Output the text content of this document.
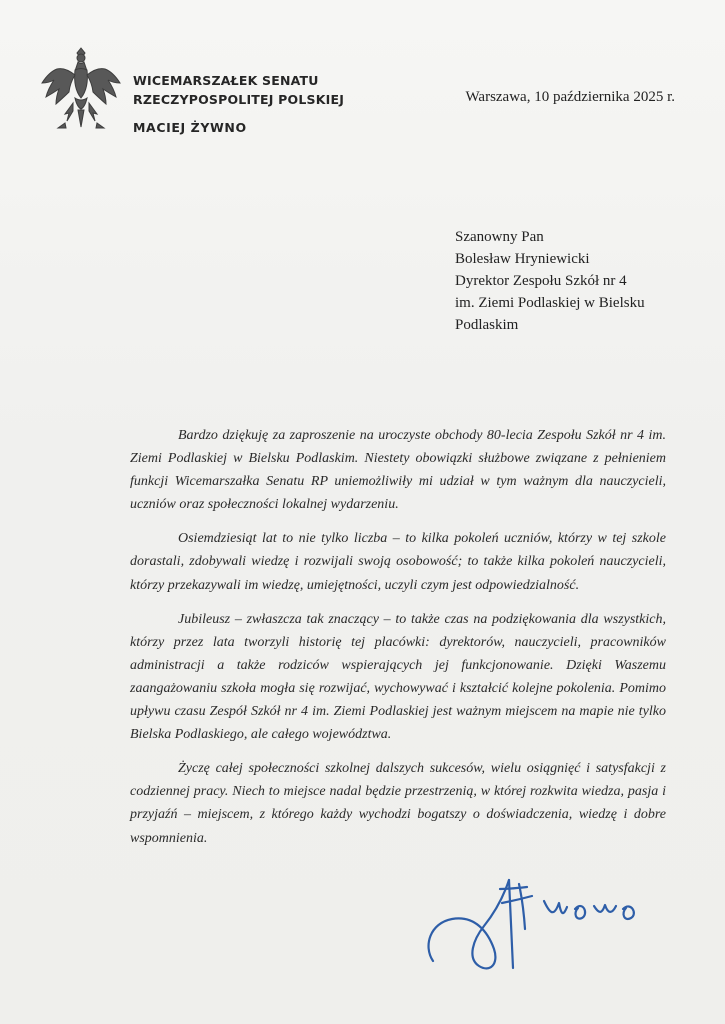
WICEMARSZAŁEK SENATU
RZECZYPOSPOLITEJ POLSKIEJ
MACIEJ ŻYWNO
Warszawa, 10 października 2025 r.
Szanowny Pan
Bolesław Hryniewicki
Dyrektor Zespołu Szkół nr 4
im. Ziemi Podlaskiej w Bielsku
Podlaskim

Bardzo dziękuję za zaproszenie na uroczyste obchody 80-lecia Zespołu Szkół nr 4 im. Ziemi Podlaskiej w Bielsku Podlaskim. Niestety obowiązki służbowe związane z pełnieniem funkcji Wicemarszałka Senatu RP uniemożliwiły mi udział w tym ważnym dla nauczycieli, uczniów oraz społeczności lokalnej wydarzeniu.

Osiemdziesiąt lat to nie tylko liczba – to kilka pokoleń uczniów, którzy w tej szkole dorastali, zdobywali wiedzę i rozwijali swoją osobowość; to także kilka pokoleń nauczycieli, którzy przekazywali im wiedzę, umiejętności, uczyli czym jest odpowiedzialność.

Jubileusz – zwłaszcza tak znaczący – to także czas na podziękowania dla wszystkich, którzy przez lata tworzyli historię tej placówki: dyrektorów, nauczycieli, pracowników administracji a także rodziców wspierających jej funkcjonowanie. Dzięki Waszemu zaangażowaniu szkoła mogła się rozwijać, wychowywać i kształcić kolejne pokolenia. Pomimo upływu czasu Zespół Szkół nr 4 im. Ziemi Podlaskiej jest ważnym miejscem na mapie nie tylko Bielska Podlaskiego, ale całego województwa.

Życzę całej społeczności szkolnej dalszych sukcesów, wielu osiągnięć i satysfakcji z codziennej pracy. Niech to miejsce nadal będzie przestrzenią, w której rozkwita wiedza, pasja i przyjaźń – miejscem, z którego każdy wychodzi bogatszy o doświadczenia, wiedzę i dobre wspomnienia.
